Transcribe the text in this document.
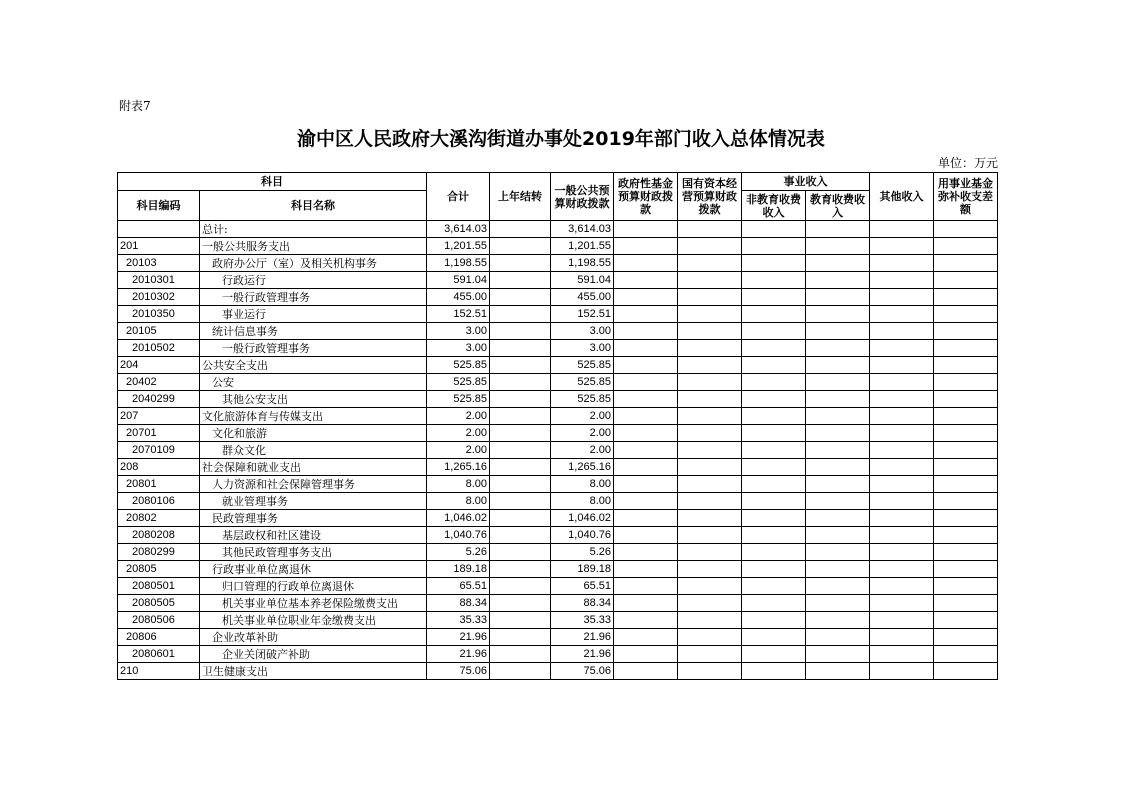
附表7
渝中区人民政府大溪沟街道办事处2019年部门收入总体情况表
单位：万元
科目		合计	上年结转	一般公共预算财政拨款	政府性基金预算财政拨款	国有资本经营预算财政拨款	事业收入		其他收入	用事业基金弥补收支差额
科目编码	科目名称						非教育收费收入	教育收费收入		
	总计:	3,614.03		3,614.03						
201	一般公共服务支出	1,201.55		1,201.55						
20103	政府办公厅（室）及相关机构事务	1,198.55		1,198.55						
2010301	行政运行	591.04		591.04						
2010302	一般行政管理事务	455.00		455.00						
2010350	事业运行	152.51		152.51						
20105	统计信息事务	3.00		3.00						
2010502	一般行政管理事务	3.00		3.00						
204	公共安全支出	525.85		525.85						
20402	公安	525.85		525.85						
2040299	其他公安支出	525.85		525.85						
207	文化旅游体育与传媒支出	2.00		2.00						
20701	文化和旅游	2.00		2.00						
2070109	群众文化	2.00		2.00						
208	社会保障和就业支出	1,265.16		1,265.16						
20801	人力资源和社会保障管理事务	8.00		8.00						
2080106	就业管理事务	8.00		8.00						
20802	民政管理事务	1,046.02		1,046.02						
2080208	基层政权和社区建设	1,040.76		1,040.76						
2080299	其他民政管理事务支出	5.26		5.26						
20805	行政事业单位离退休	189.18		189.18						
2080501	归口管理的行政单位离退休	65.51		65.51						
2080505	机关事业单位基本养老保险缴费支出	88.34		88.34						
2080506	机关事业单位职业年金缴费支出	35.33		35.33						
20806	企业改革补助	21.96		21.96						
2080601	企业关闭破产补助	21.96		21.96						
210	卫生健康支出	75.06		75.06						
